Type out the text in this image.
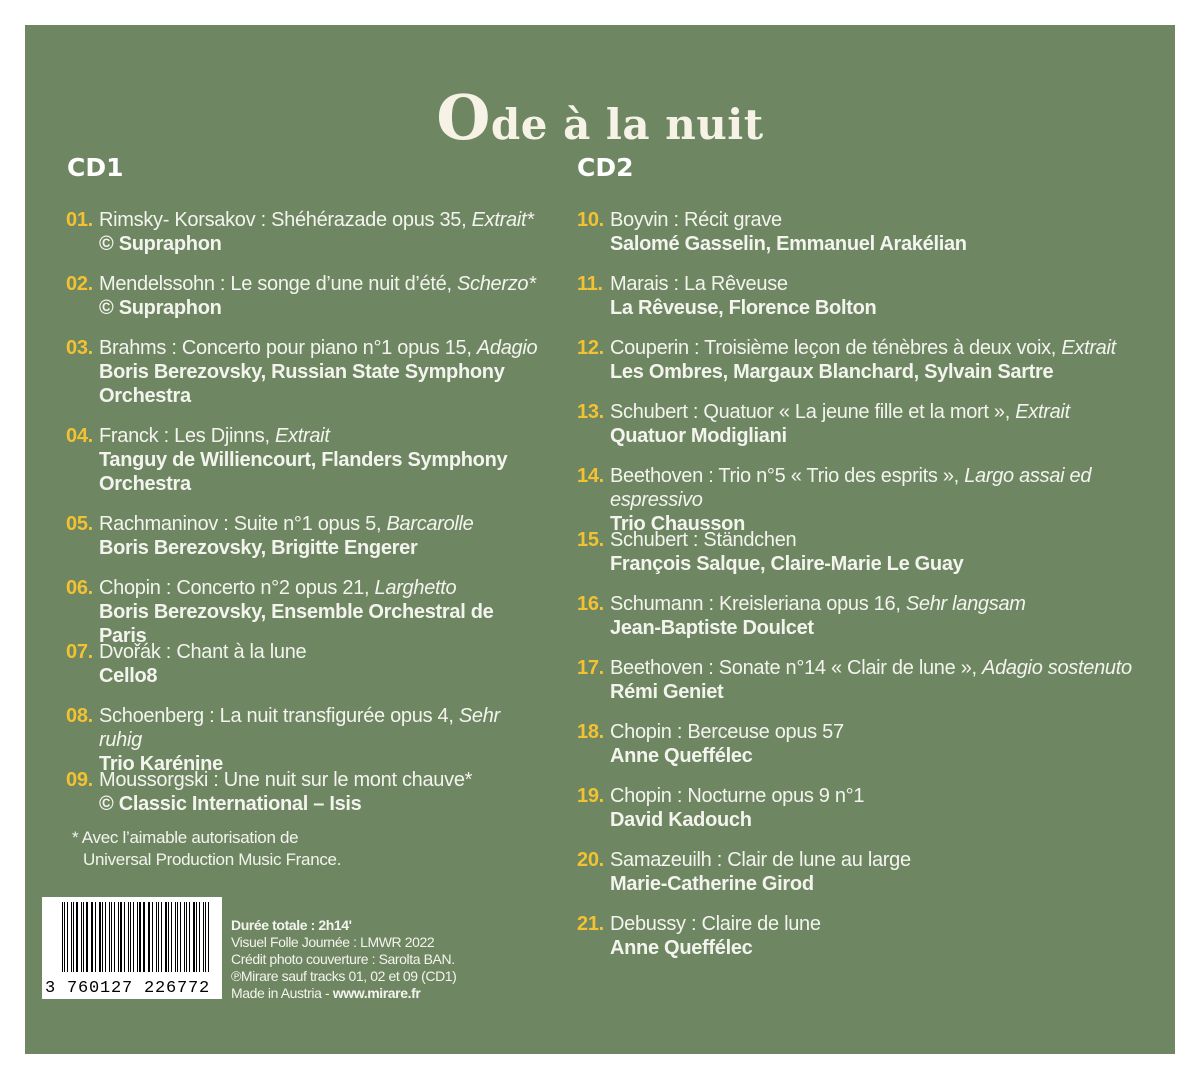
Ode à la nuit
CD1	CD2
01. Rimsky- Korsakov : Shéhérazade opus 35, Extrait*
© Supraphon
02. Mendelssohn : Le songe d’une nuit d’été, Scherzo*
© Supraphon
03. Brahms : Concerto pour piano n°1 opus 15, Adagio
Boris Berezovsky, Russian State Symphony Orchestra
04. Franck : Les Djinns, Extrait
Tanguy de Williencourt, Flanders Symphony Orchestra
05. Rachmaninov : Suite n°1 opus 5, Barcarolle
Boris Berezovsky, Brigitte Engerer
06. Chopin : Concerto n°2 opus 21, Larghetto
Boris Berezovsky, Ensemble Orchestral de Paris
07. Dvořák : Chant à la lune
Cello8
08. Schoenberg : La nuit transfigurée opus 4, Sehr ruhig
Trio Karénine
09. Moussorgski : Une nuit sur le mont chauve*
© Classic International – Isis
10. Boyvin : Récit grave
Salomé Gasselin, Emmanuel Arakélian
11. Marais : La Rêveuse
La Rêveuse, Florence Bolton
12. Couperin : Troisième leçon de ténèbres à deux voix, Extrait
Les Ombres, Margaux Blanchard, Sylvain Sartre
13. Schubert : Quatuor « La jeune fille et la mort », Extrait
Quatuor Modigliani
14. Beethoven : Trio n°5 « Trio des esprits », Largo assai ed espressivo
Trio Chausson
15. Schubert : Ständchen
François Salque, Claire-Marie Le Guay
16. Schumann : Kreisleriana opus 16, Sehr langsam
Jean-Baptiste Doulcet
17. Beethoven : Sonate n°14 « Clair de lune », Adagio sostenuto
Rémi Geniet
18. Chopin : Berceuse opus 57
Anne Queffélec
19. Chopin : Nocturne opus 9 n°1
David Kadouch
20. Samazeuilh : Clair de lune au large
Marie-Catherine Girod
21. Debussy : Claire de lune
Anne Queffélec
* Avec l’aimable autorisation de
Universal Production Music France.
3 760127 226772
Durée totale : 2h14'
Visuel Folle Journée : LMWR 2022
Crédit photo couverture : Sarolta BAN.
℗Mirare sauf tracks 01, 02 et 09 (CD1)
Made in Austria - www.mirare.fr
